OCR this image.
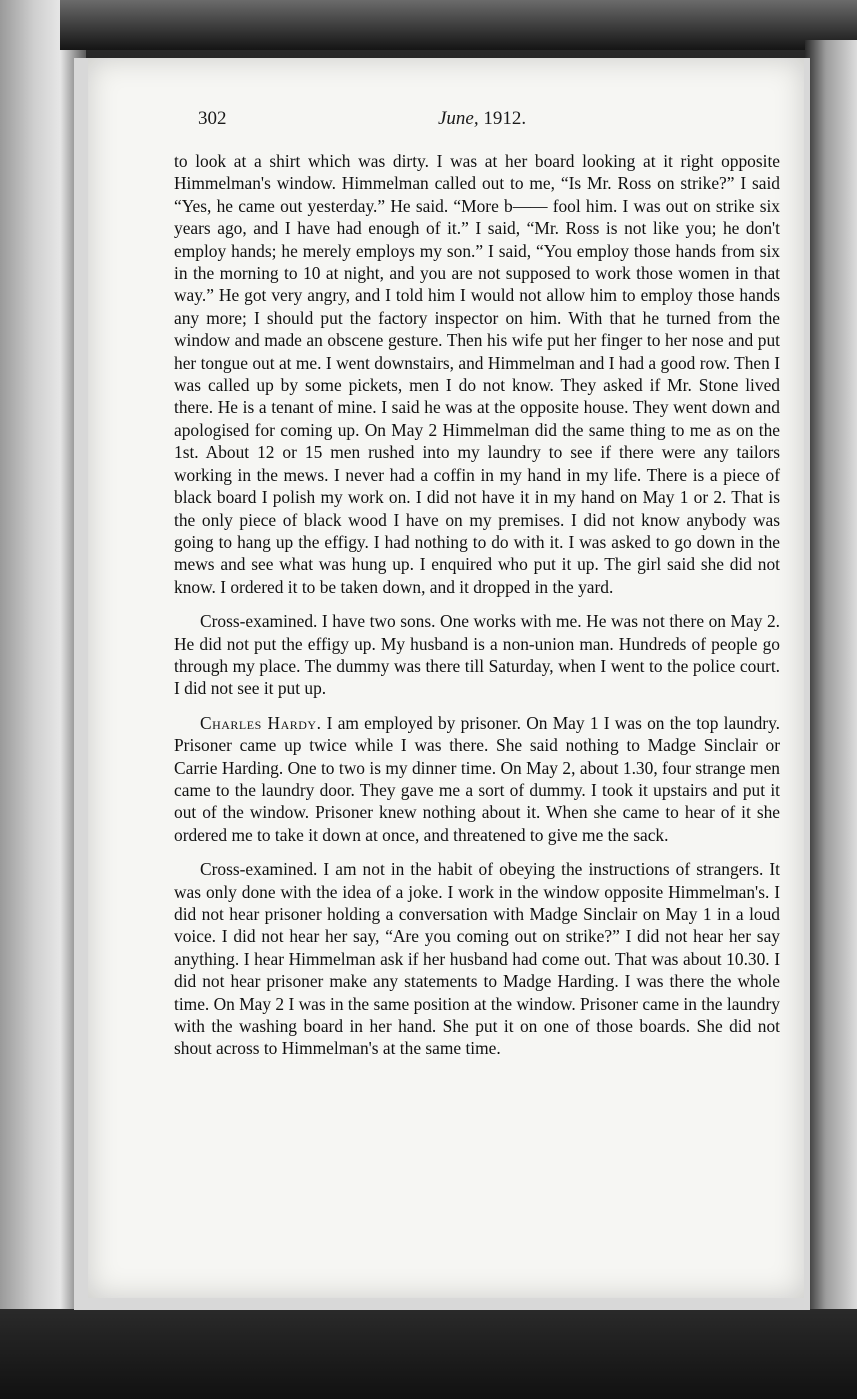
302	June, 1912.

to look at a shirt which was dirty. I was at her board looking at it right opposite Himmelman's window. Himmelman called out to me, “Is Mr. Ross on strike?” I said “Yes, he came out yesterday.” He said. “More b—— fool him. I was out on strike six years ago, and I have had enough of it.” I said, “Mr. Ross is not like you; he don't employ hands; he merely employs my son.” I said, “You employ those hands from six in the morning to 10 at night, and you are not supposed to work those women in that way.” He got very angry, and I told him I would not allow him to employ those hands any more; I should put the factory inspector on him. With that he turned from the window and made an obscene gesture. Then his wife put her finger to her nose and put her tongue out at me. I went downstairs, and Himmelman and I had a good row. Then I was called up by some pickets, men I do not know. They asked if Mr. Stone lived there. He is a tenant of mine. I said he was at the opposite house. They went down and apologised for coming up. On May 2 Himmelman did the same thing to me as on the 1st. About 12 or 15 men rushed into my laundry to see if there were any tailors working in the mews. I never had a coffin in my hand in my life. There is a piece of black board I polish my work on. I did not have it in my hand on May 1 or 2. That is the only piece of black wood I have on my premises. I did not know anybody was going to hang up the effigy. I had nothing to do with it. I was asked to go down in the mews and see what was hung up. I enquired who put it up. The girl said she did not know. I ordered it to be taken down, and it dropped in the yard.

Cross-examined. I have two sons. One works with me. He was not there on May 2. He did not put the effigy up. My husband is a non-union man. Hundreds of people go through my place. The dummy was there till Saturday, when I went to the police court. I did not see it put up.

Charles Hardy. I am employed by prisoner. On May 1 I was on the top laundry. Prisoner came up twice while I was there. She said nothing to Madge Sinclair or Carrie Harding. One to two is my dinner time. On May 2, about 1.30, four strange men came to the laundry door. They gave me a sort of dummy. I took it upstairs and put it out of the window. Prisoner knew nothing about it. When she came to hear of it she ordered me to take it down at once, and threatened to give me the sack.

Cross-examined. I am not in the habit of obeying the instructions of strangers. It was only done with the idea of a joke. I work in the window opposite Himmelman's. I did not hear prisoner holding a conversation with Madge Sinclair on May 1 in a loud voice. I did not hear her say, “Are you coming out on strike?” I did not hear her say anything. I hear Himmelman ask if her husband had come out. That was about 10.30. I did not hear prisoner make any statements to Madge Harding. I was there the whole time. On May 2 I was in the same position at the window. Prisoner came in the laundry with the washing board in her hand. She put it on one of those boards. She did not shout across to Himmelman's at the same time.
